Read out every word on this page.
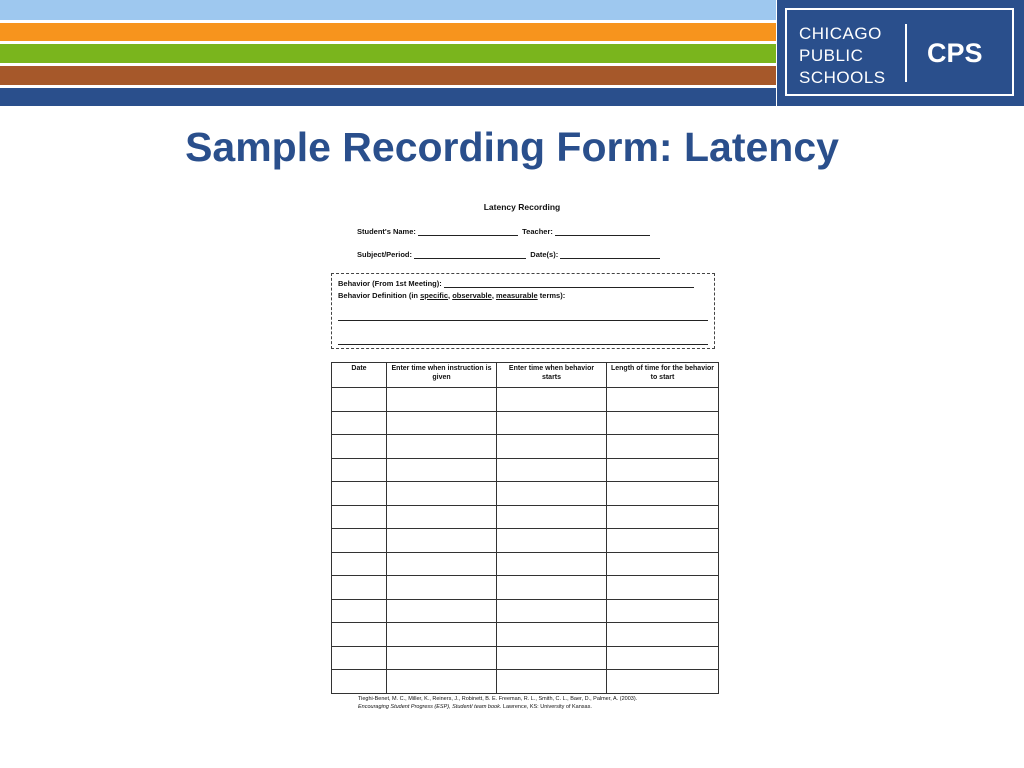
CHICAGO
PUBLIC
SCHOOLS
CPS
Sample Recording Form: Latency
Latency Recording
Student's Name:	Teacher:
Subject/Period:	Date(s):
Behavior (From 1st Meeting):
Behavior Definition (in specific, observable, measurable terms):
Date	Enter time when instruction is given	Enter time when behavior starts	Length of time for the behavior to start

Tieghi-Benet, M. C., Miller, K., Reiners, J., Robinett, B. E. Freeman, R. L., Smith, C. L., Baer, D., Palmer, A. (2003).
Encouraging Student Progress (ESP), Student/ team book. Lawrence, KS: University of Kansas.
